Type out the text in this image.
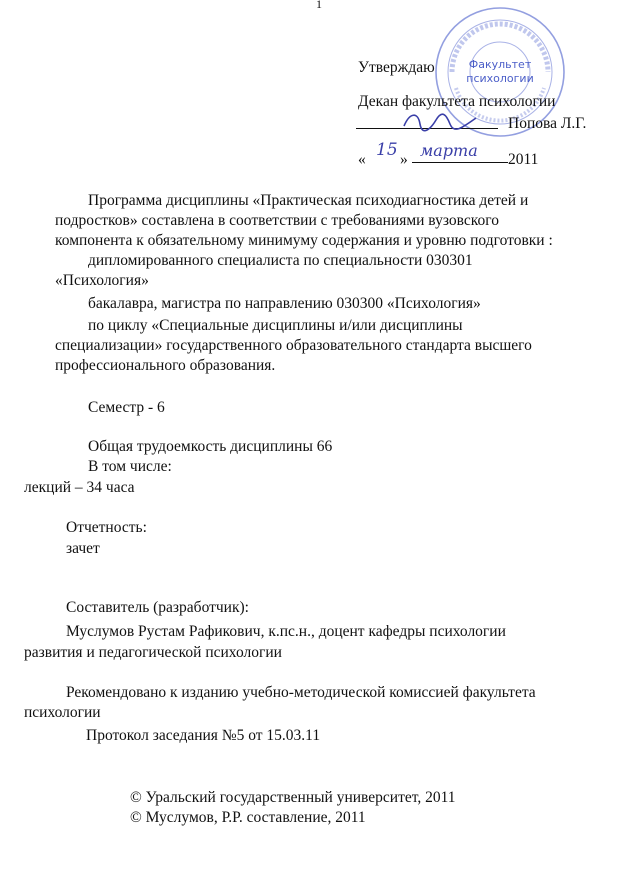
1
Факультет
психологии
Утверждаю
Декан факультета психологии
Попова Л.Г.
« 15 » марта 2011
Программа дисциплины «Практическая психодиагностика детей и
подростков» составлена в соответствии с требованиями вузовского
компонента к обязательному минимуму содержания и уровню подготовки :
дипломированного специалиста по специальности 030301
«Психология»
бакалавра, магистра по направлению 030300 «Психология»
по циклу «Специальные дисциплины и/или дисциплины
специализации» государственного образовательного стандарта высшего
профессионального образования.
Семестр - 6
Общая трудоемкость дисциплины 66
В том числе:
лекций – 34 часа
Отчетность:
зачет
Составитель (разработчик):
Муслумов Рустам Рафикович, к.пс.н., доцент кафедры психологии
развития и педагогической психологии
Рекомендовано к изданию учебно-методической комиссией факультета
психологии
Протокол заседания №5 от 15.03.11
© Уральский государственный университет, 2011
© Муслумов, Р.Р. составление, 2011
